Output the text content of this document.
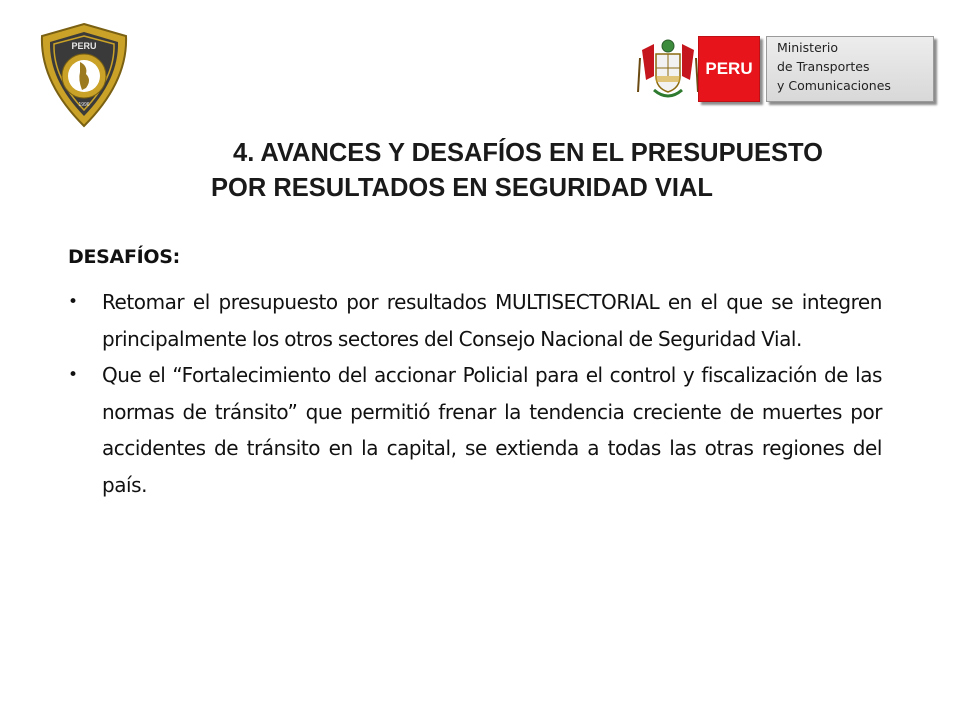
PERU
1996
PERU
Ministerio
de Transportes
y Comunicaciones
4. AVANCES Y DESAFÍOS EN EL PRESUPUESTO
POR RESULTADOS EN SEGURIDAD VIAL
DESAFÍOS:
• Retomar el presupuesto por resultados MULTISECTORIAL en el que se integren principalmente los otros sectores del Consejo Nacional de Seguridad Vial.
• Que el “Fortalecimiento del accionar Policial para el control y fiscalización de las normas de tránsito” que permitió frenar la tendencia creciente de muertes por accidentes de tránsito en la capital, se extienda a todas las otras regiones del país.
